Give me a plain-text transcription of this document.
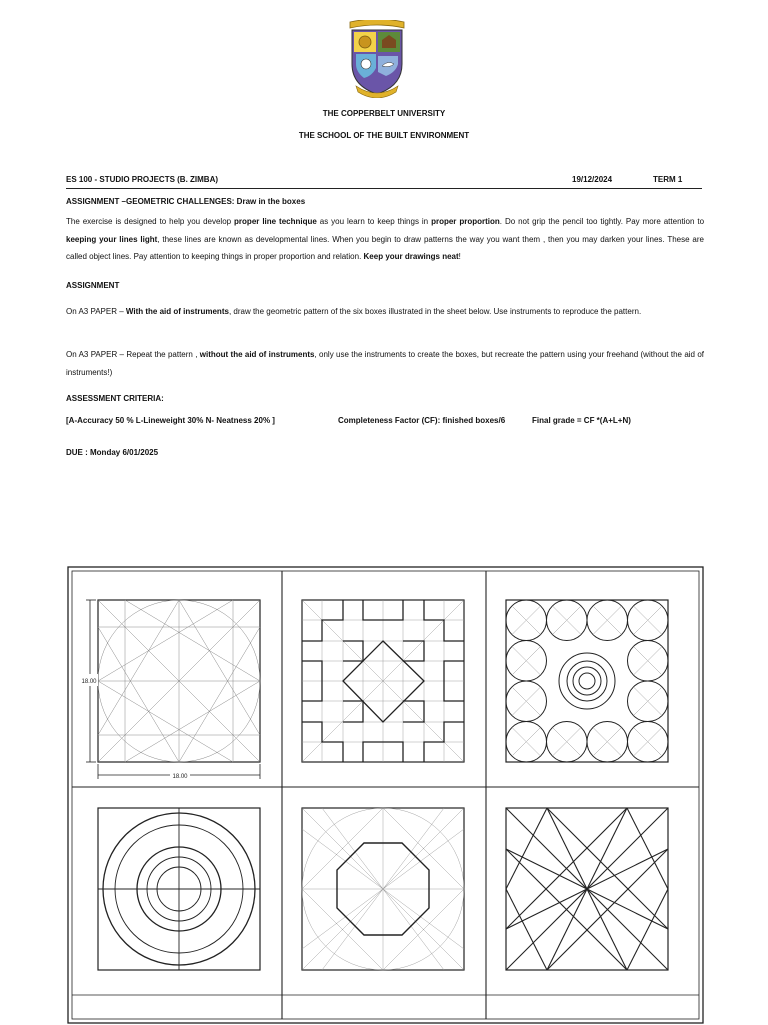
THE COPPERBELT UNIVERSITY
THE SCHOOL OF THE BUILT ENVIRONMENT
ES 100 - STUDIO PROJECTS (B. ZIMBA)	19/12/2024	TERM 1

ASSIGNMENT –GEOMETRIC CHALLENGES: Draw in the boxes

The exercise is designed to help you develop proper line technique as you learn to keep things in proper proportion. Do not grip the pencil too tightly. Pay more attention to keeping your lines light, these lines are known as developmental lines. When you begin to draw patterns the way you want them , then you may darken your lines. These are called object lines. Pay attention to keeping things in proper proportion and relation. Keep your drawings neat!

ASSIGNMENT

On A3 PAPER – With the aid of instruments, draw the geometric pattern of the six boxes illustrated in the sheet below. Use instruments to reproduce the pattern.

On A3 PAPER – Repeat the pattern , without the aid of instruments, only use the instruments to create the boxes, but recreate the pattern using your freehand (without the aid of instruments!)

ASSESSMENT CRITERIA:

[A-Accuracy 50 % L-Lineweight 30% N- Neatness 20% ]	Completeness Factor (CF): finished boxes/6	Final grade = CF *(A+L+N)

DUE : Monday 6/01/2025

18.00
18.00
